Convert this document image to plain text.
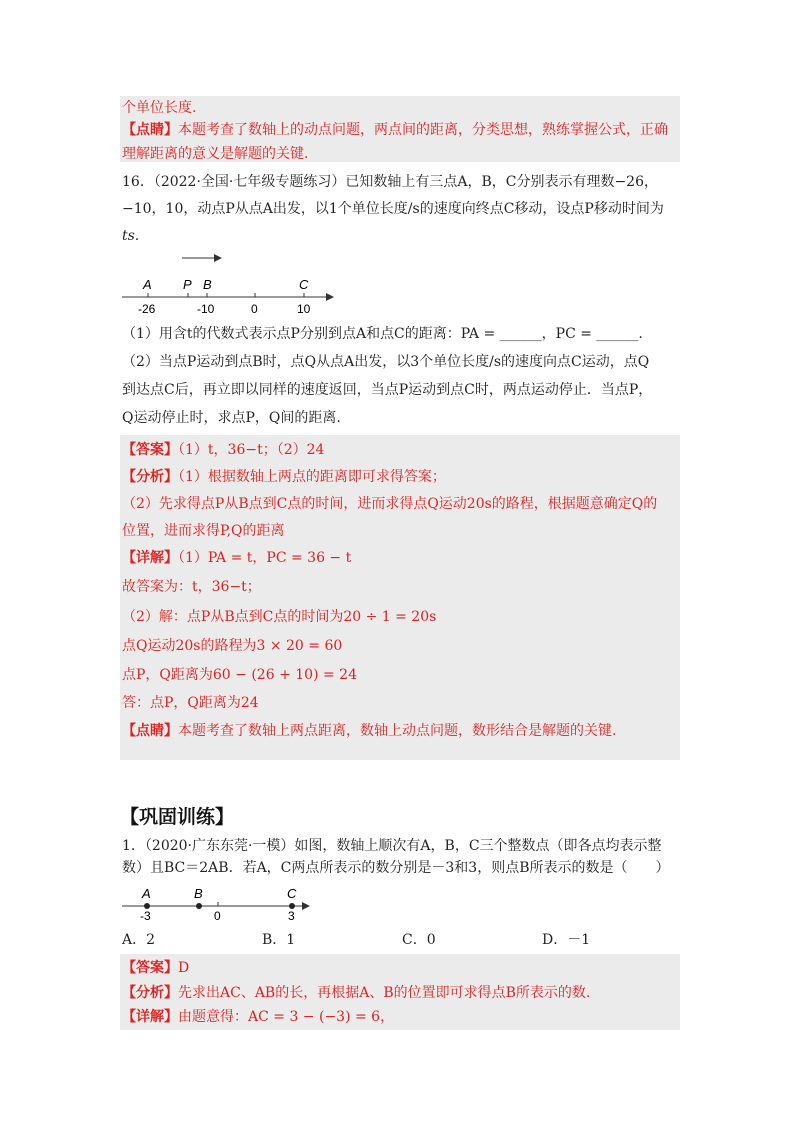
个单位长度.
【点睛】本题考查了数轴上的动点问题，两点间的距离，分类思想，熟练掌握公式，正确
理解距离的意义是解题的关键.
16．（2022·全国·七年级专题练习）已知数轴上有三点A，B，C分别表示有理数−26，
−10，10，动点P从点A出发，以1个单位长度/s的速度向终点C移动，设点P移动时间为
ts.
A P B	C
-26	-10	0	10
（1）用含t的代数式表示点P分别到点A和点C的距离：PA = ______，PC = ______.
（2）当点P运动到点B时，点Q从点A出发，以3个单位长度/s的速度向点C运动，点Q
到达点C后，再立即以同样的速度返回，当点P运动到点C时，两点运动停止．当点P，
Q运动停止时，求点P，Q间的距离.
【答案】（1）t，36−t；（2）24
【分析】（1）根据数轴上两点的距离即可求得答案；
（2）先求得点P从B点到C点的时间，进而求得点Q运动20s的路程，根据题意确定Q的
位置，进而求得P,Q的距离
【详解】（1）PA = t，PC = 36 − t
故答案为：t，36−t；
（2）解：点P从B点到C点的时间为20 ÷ 1 = 20s
点Q运动20s的路程为3 × 20 = 60
点P，Q距离为60 − (26 + 10) = 24
答：点P，Q距离为24
【点睛】本题考查了数轴上两点距离，数轴上动点问题，数形结合是解题的关键.
【巩固训练】
1．（2020·广东东莞·一模）如图，数轴上顺次有A，B，C三个整数点（即各点均表示整
数）且BC＝2AB．若A，C两点所表示的数分别是－3和3，则点B所表示的数是（　　）
A	B	C
-3	0	3
A．2	B．1	C．0	D．－1
【答案】D
【分析】先求出AC、AB的长，再根据A、B的位置即可求得点B所表示的数.
【详解】由题意得：AC = 3 − (−3) = 6，
